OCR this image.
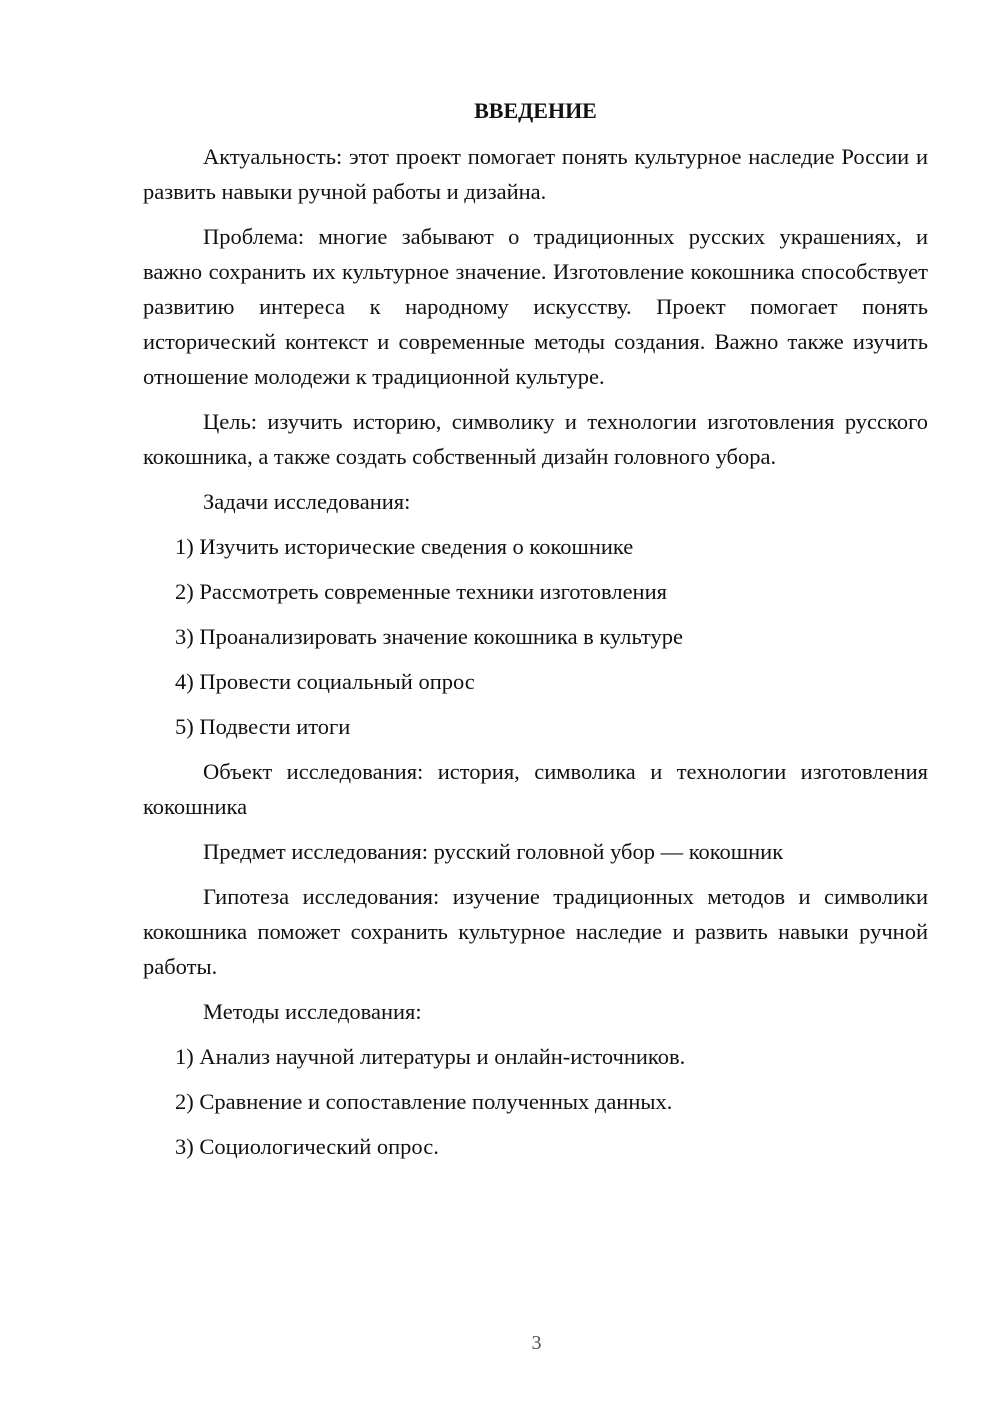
ВВЕДЕНИЕ

Актуальность: этот проект помогает понять культурное наследие России и развить навыки ручной работы и дизайна.

Проблема: многие забывают о традиционных русских украшениях, и важно сохранить их культурное значение. Изготовление кокошника способствует развитию интереса к народному искусству. Проект помогает понять исторический контекст и современные методы создания. Важно также изучить отношение молодежи к традиционной культуре.

Цель: изучить историю, символику и технологии изготовления русского кокошника, а также создать собственный дизайн головного убора.

Задачи исследования:

1) Изучить исторические сведения о кокошнике

2) Рассмотреть современные техники изготовления

3) Проанализировать значение кокошника в культуре

4) Провести социальный опрос

5) Подвести итоги

Объект исследования: история, символика и технологии изготовления кокошника

Предмет исследования: русский головной убор — кокошник

Гипотеза исследования: изучение традиционных методов и символики кокошника поможет сохранить культурное наследие и развить навыки ручной работы.

Методы исследования:

1) Анализ научной литературы и онлайн-источников.

2) Сравнение и сопоставление полученных данных.

3) Социологический опрос.

3
